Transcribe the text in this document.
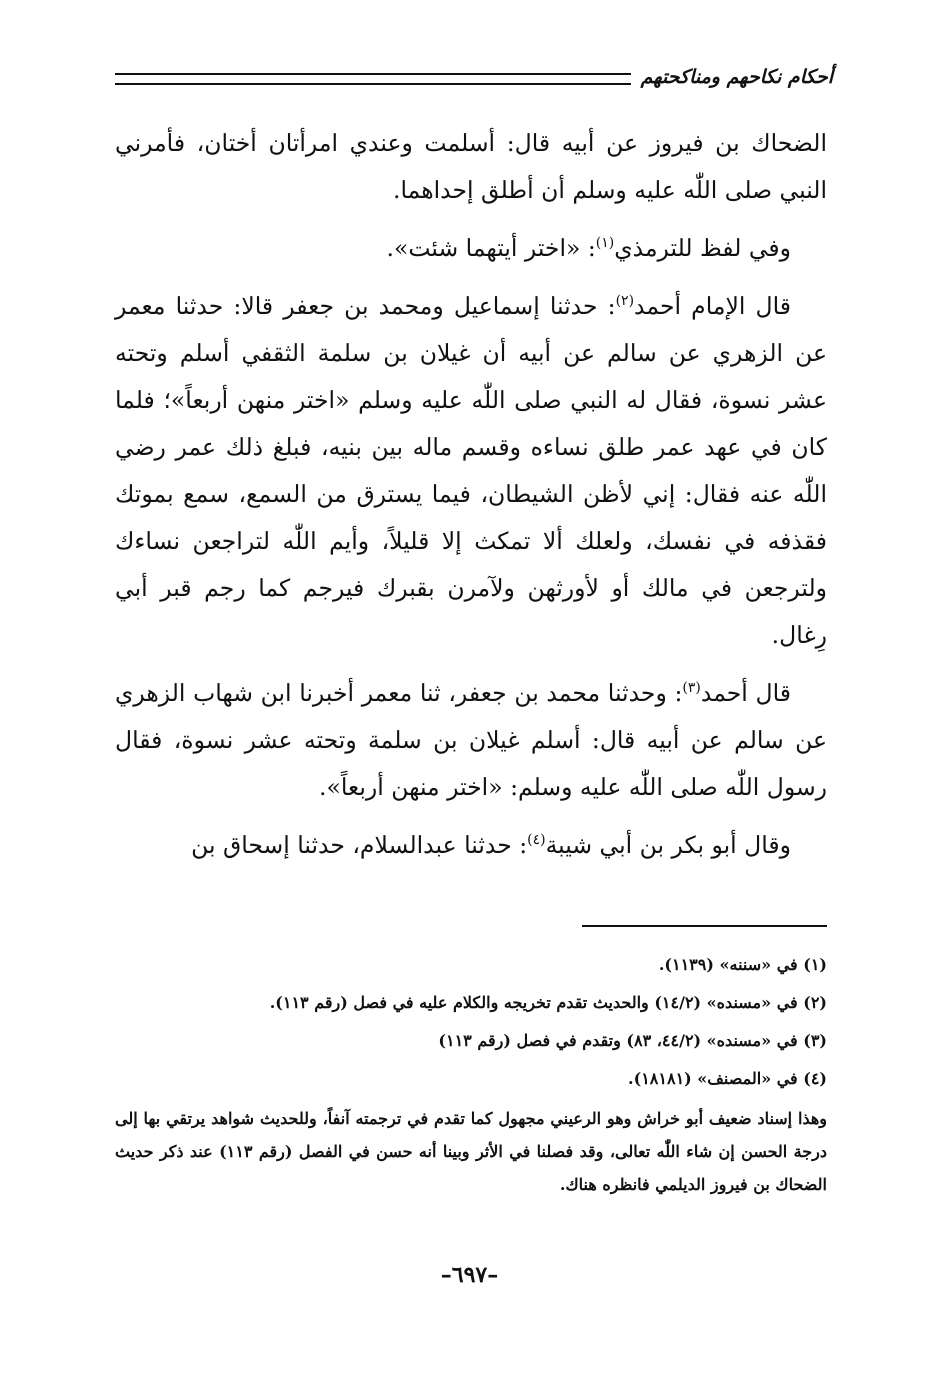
أحكام نكاحهم ومناكحتهم

الضحاك بن فيروز عن أبيه قال: أسلمت وعندي امرأتان أختان، فأمرني النبي صلى اللّٰه عليه وسلم أن أطلق إحداهما.

وفي لفظ للترمذي$^{(١)}$: «اختر أيتهما شئت».

قال الإمام أحمد$^{(٢)}$: حدثنا إسماعيل ومحمد بن جعفر قالا: حدثنا معمر عن الزهري عن سالم عن أبيه أن غيلان بن سلمة الثقفي أسلم وتحته عشر نسوة، فقال له النبي صلى اللّٰه عليه وسلم «اختر منهن أربعاً»؛ فلما كان في عهد عمر طلق نساءه وقسم ماله بين بنيه، فبلغ ذلك عمر رضي اللّٰه عنه فقال: إني لأظن الشيطان، فيما يسترق من السمع، سمع بموتك فقذفه في نفسك، ولعلك ألا تمكث إلا قليلاً، وأيم اللّٰه لتراجعن نساءك ولترجعن في مالك أو لأورثهن ولآمرن بقبرك فيرجم كما رجم قبر أبي رِغال.

قال أحمد$^{(٣)}$: وحدثنا محمد بن جعفر، ثنا معمر أخبرنا ابن شهاب الزهري عن سالم عن أبيه قال: أسلم غيلان بن سلمة وتحته عشر نسوة، فقال رسول اللّٰه صلى اللّٰه عليه وسلم: «اختر منهن أربعاً».

وقال أبو بكر بن أبي شيبة$^{(٤)}$: حدثنا عبدالسلام، حدثنا إسحاق بن

(١) في «سننه» (١١٣٩).

(٢) في «مسنده» (١٤/٢) والحديث تقدم تخريجه والكلام عليه في فصل (رقم ١١٣).

(٣) في «مسنده» (٤٤/٢، ٨٣) وتقدم في فصل (رقم ١١٣)

(٤) في «المصنف» (١٨١٨١).

وهذا إسناد ضعيف أبو خراش وهو الرعيني مجهول كما تقدم في ترجمته آنفاً، وللحديث شواهد يرتقي بها إلى درجة الحسن إن شاء اللّٰه تعالى، وقد فصلنا في الأثر وبينا أنه حسن في الفصل (رقم ١١٣) عند ذكر حديث الضحاك بن فيروز الديلمي فانظره هناك.

–٦٩٧–
